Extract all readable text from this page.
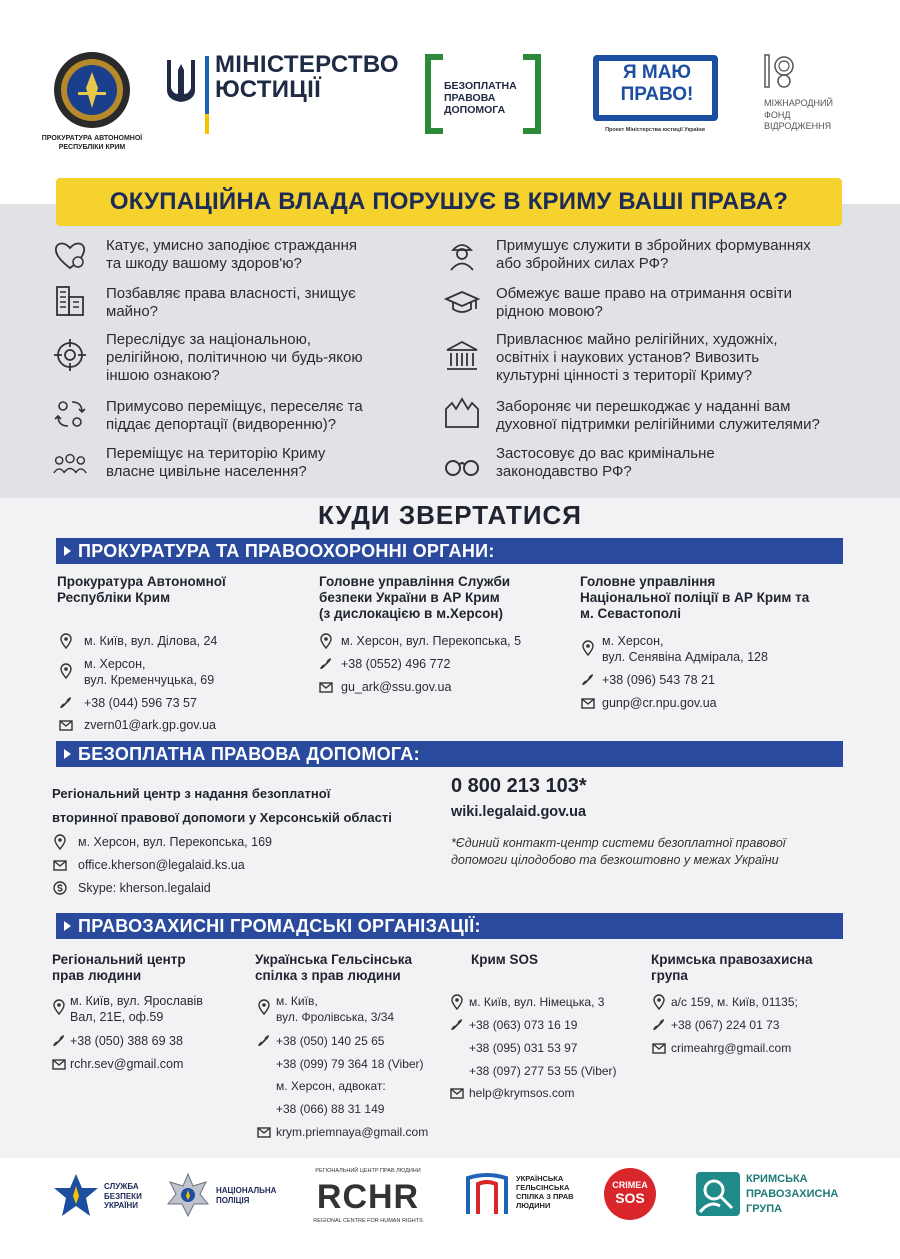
ПРОКУРАТУРА АВТОНОМНОЇ РЕСПУБЛІКИ КРИМ
МІНІСТЕРСТВО
ЮСТИЦІЇ	БЕЗОПЛАТНА
ПРАВОВА
ДОПОМОГА
Я МАЮ
ПРАВО!
Проект Міністерства юстиції України
МІЖНАРОДНИЙ
ФОНД
ВІДРОДЖЕННЯ
ОКУПАЦІЙНА ВЛАДА ПОРУШУЄ В КРИМУ ВАШІ ПРАВА?
Катує, умисно заподіює страждання
та шкоду вашому здоров'ю?
Позбавляє права власності, знищує
майно?
Переслідує за національною,
релігійною, політичною чи будь-якою
іншою ознакою?
Примусово переміщує, переселяє та
піддає депортації (видворенню)?
Переміщує на територію Криму
власне цивільне населення?
Примушує служити в збройних формуваннях
або збройних силах РФ?
Обмежує ваше право на отримання освіти
рідною мовою?
Привласнює майно релігійних, художніх,
освітніх і наукових установ? Вивозить
культурні цінності з території Криму?
Забороняє чи перешкоджає у наданні вам
духовної підтримки релігійними служителями?
Застосовує до вас кримінальне
законодавство РФ?
КУДИ ЗВЕРТАТИСЯ
ПРОКУРАТУРА ТА ПРАВООХОРОННІ ОРГАНИ:
Прокуратура Автономної
Республіки Крим
м. Київ, вул. Ділова, 24
м. Херсон,
вул. Кременчуцька, 69
+38 (044) 596 73 57
zvern01@ark.gp.gov.ua
Головне управління Служби
безпеки України в АР Крим
(з дислокацією в м.Херсон)
м. Херсон, вул. Перекопська, 5
+38 (0552) 496 772
gu_ark@ssu.gov.ua
Головне управління
Національної поліції в АР Крим та
м. Севастополі
м. Херсон,
вул. Сенявіна Адмірала, 128
+38 (096) 543 78 21
gunp@cr.npu.gov.ua
БЕЗОПЛАТНА ПРАВОВА ДОПОМОГА:
Регіональний центр з надання безоплатної
вторинної правової допомоги у Херсонській області
м. Херсон, вул. Перекопська, 169
office.kherson@legalaid.ks.ua
Skype: kherson.legalaid
0 800 213 103*
wiki.legalaid.gov.ua
*Єдиний контакт-центр системи безоплатної правової
допомоги цілодобово та безкоштовно у межах України
ПРАВОЗАХИСНІ ГРОМАДСЬКІ ОРГАНІЗАЦІЇ:
Регіональний центр
прав людини
м. Київ, вул. Ярославів
Вал, 21Е, оф.59
+38 (050) 388 69 38
rchr.sev@gmail.com
Українська Гельсінська
спілка з прав людини
м. Київ,
вул. Фролівська, 3/34
+38 (050) 140 25 65
+38 (099) 79 364 18 (Viber)
м. Херсон, адвокат:
+38 (066) 88 31 149
krym.priemnaya@gmail.com
Крим SOS
м. Київ, вул. Німецька, 3
+38 (063) 073 16 19
+38 (095) 031 53 97
+38 (097) 277 53 55 (Viber)
help@krymsos.com
Кримська правозахисна
група
а/с 159, м. Київ, 01135;
+38 (067) 224 01 73
crimeahrg@gmail.com
СЛУЖБА
БЕЗПЕКИ
УКРАЇНИ
НАЦІОНАЛЬНА
ПОЛІЦІЯ
РЕГІОНАЛЬНИЙ ЦЕНТР ПРАВ ЛЮДИНИ
RCHR
REGIONAL CENTRE FOR HUMAN RIGHTS
УКРАЇНСЬКА
ГЕЛЬСІНСЬКА
СПІЛКА З ПРАВ
ЛЮДИНИ
CRIMEA
SOS
КРИМСЬКА
ПРАВОЗАХИСНА
ГРУПА
